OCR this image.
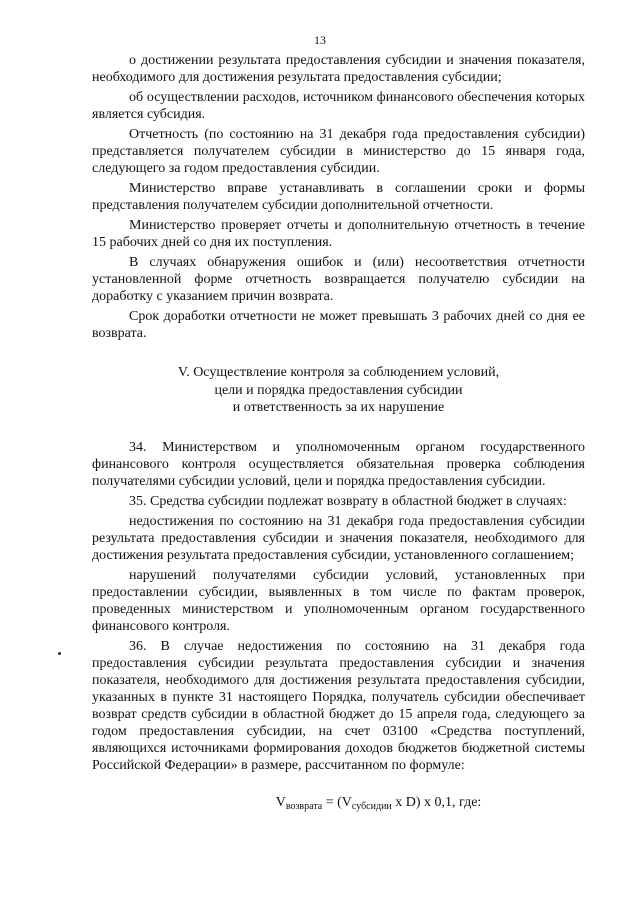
13

о достижении результата предоставления субсидии и значения показателя, необходимого для достижения результата предоставления субсидии;

об осуществлении расходов, источником финансового обеспечения которых является субсидия.

Отчетность (по состоянию на 31 декабря года предоставления субсидии) представляется получателем субсидии в министерство до 15 января года, следующего за годом предоставления субсидии.

Министерство вправе устанавливать в соглашении сроки и формы представления получателем субсидии дополнительной отчетности.

Министерство проверяет отчеты и дополнительную отчетность в течение 15 рабочих дней со дня их поступления.

В случаях обнаружения ошибок и (или) несоответствия отчетности установленной форме отчетность возвращается получателю субсидии на доработку с указанием причин возврата.

Срок доработки отчетности не может превышать 3 рабочих дней со дня ее возврата.

V. Осуществление контроля за соблюдением условий,
цели и порядка предоставления субсидии
и ответственность за их нарушение

34. Министерством и уполномоченным органом государственного финансового контроля осуществляется обязательная проверка соблюдения получателями субсидии условий, цели и порядка предоставления субсидии.

35. Средства субсидии подлежат возврату в областной бюджет в случаях:

недостижения по состоянию на 31 декабря года предоставления субсидии результата предоставления субсидии и значения показателя, необходимого для достижения результата предоставления субсидии, установленного соглашением;

нарушений получателями субсидии условий, установленных при предоставлении субсидии, выявленных в том числе по фактам проверок, проведенных министерством и уполномоченным органом государственного финансового контроля.

36. В случае недостижения по состоянию на 31 декабря года предоставления субсидии результата предоставления субсидии и значения показателя, необходимого для достижения результата предоставления субсидии, указанных в пункте 31 настоящего Порядка, получатель субсидии обеспечивает возврат средств субсидии в областной бюджет до 15 апреля года, следующего за годом предоставления субсидии, на счет 03100 «Средства поступлений, являющихся источниками формирования доходов бюджетов бюджетной системы Российской Федерации» в размере, рассчитанном по формуле:

$V_{возврата} = (V_{субсидии}$ x D) x 0,1, где:
